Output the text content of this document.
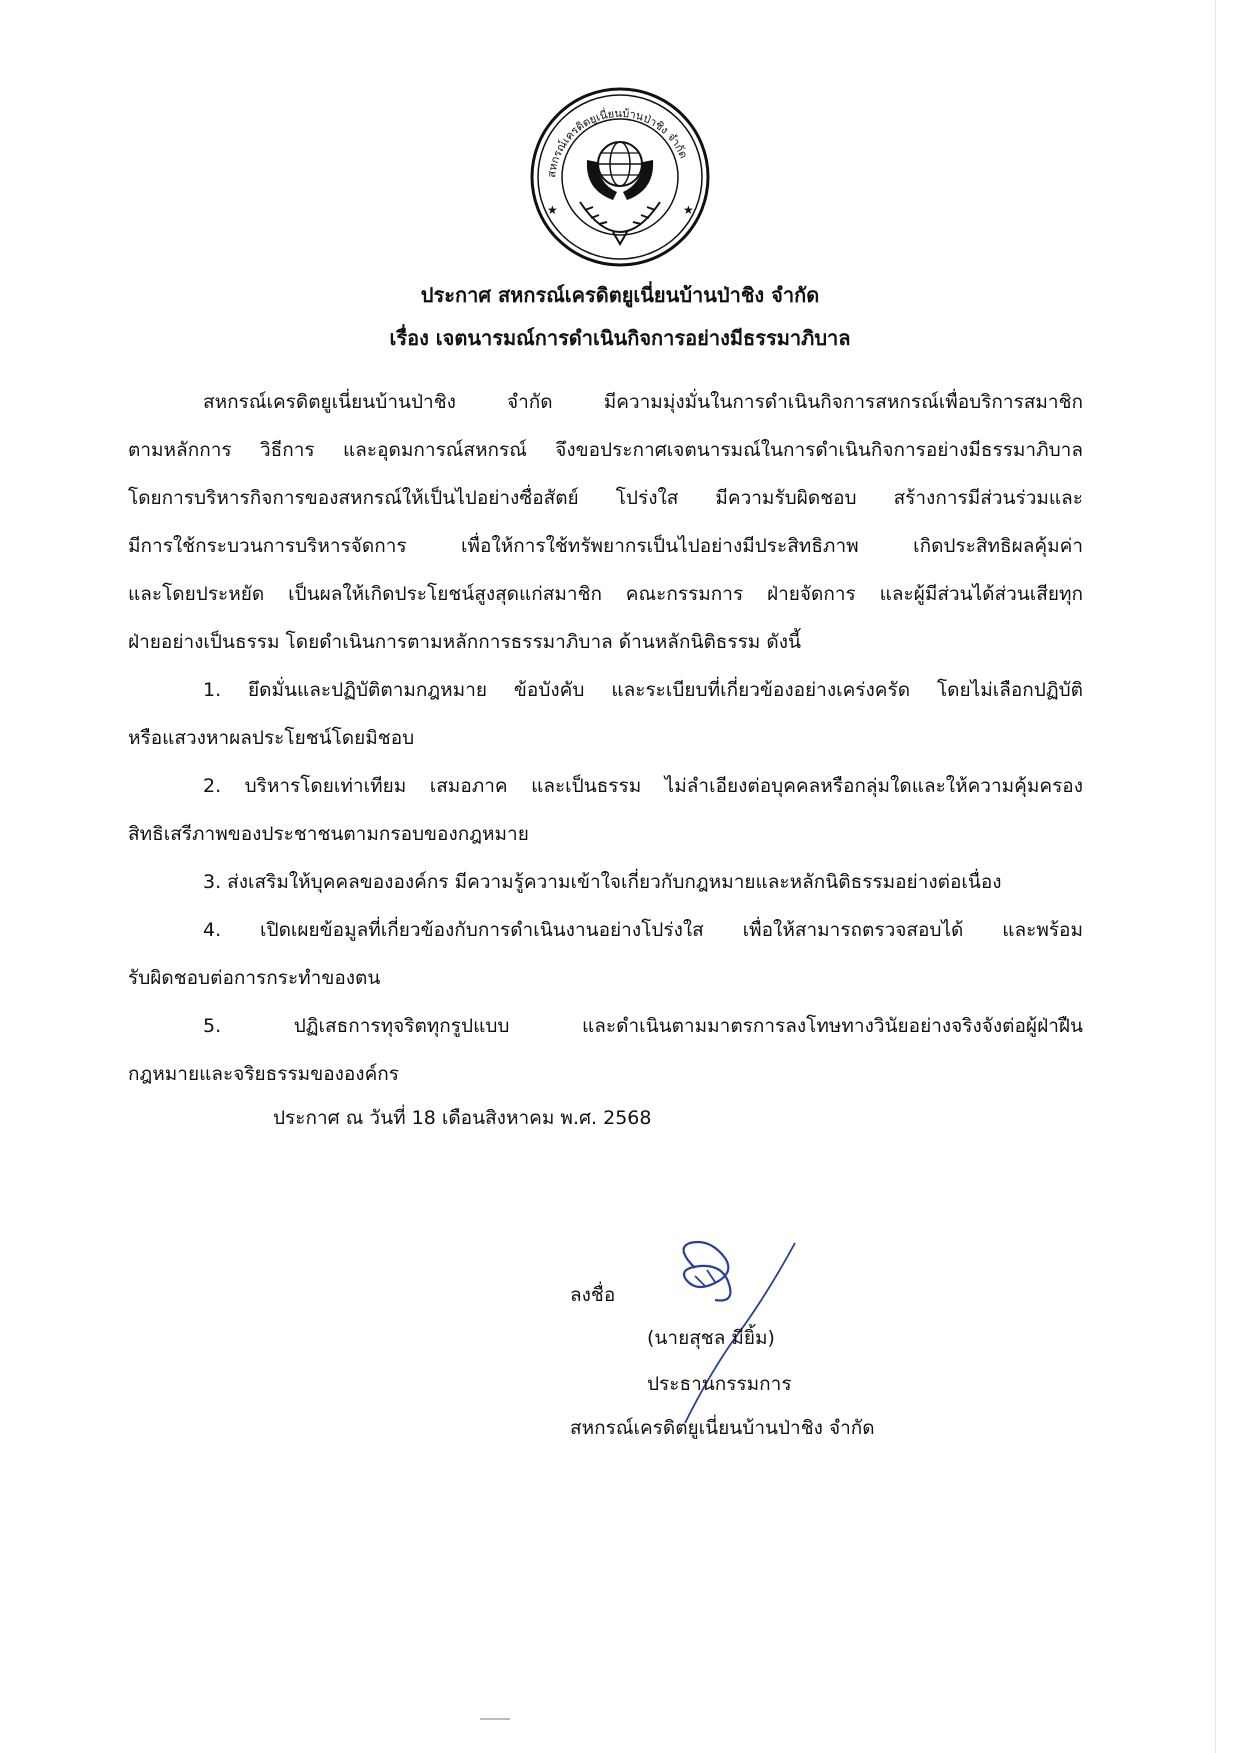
สหกรณ์เครดิตยูเนี่ยนบ้านป่าชิง จำกัด
★	★
ประกาศ สหกรณ์เครดิตยูเนี่ยนบ้านป่าชิง จำกัด
เรื่อง เจตนารมณ์การดำเนินกิจการอย่างมีธรรมาภิบาล
สหกรณ์เครดิตยูเนี่ยนบ้านป่าชิง จำกัด มีความมุ่งมั่นในการดำเนินกิจการสหกรณ์เพื่อบริการสมาชิก
ตามหลักการ วิธีการ และอุดมการณ์สหกรณ์ จึงขอประกาศเจตนารมณ์ในการดำเนินกิจการอย่างมีธรรมาภิบาล
โดยการบริหารกิจการของสหกรณ์ให้เป็นไปอย่างซื่อสัตย์ โปร่งใส มีความรับผิดชอบ สร้างการมีส่วนร่วมและ
มีการใช้กระบวนการบริหารจัดการ เพื่อให้การใช้ทรัพยากรเป็นไปอย่างมีประสิทธิภาพ เกิดประสิทธิผลคุ้มค่า
และโดยประหยัด เป็นผลให้เกิดประโยชน์สูงสุดแก่สมาชิก คณะกรรมการ ฝ่ายจัดการ และผู้มีส่วนได้ส่วนเสียทุก
ฝ่ายอย่างเป็นธรรม โดยดำเนินการตามหลักการธรรมาภิบาล ด้านหลักนิติธรรม ดังนี้
1. ยึดมั่นและปฏิบัติตามกฎหมาย ข้อบังคับ และระเบียบที่เกี่ยวข้องอย่างเคร่งครัด โดยไม่เลือกปฏิบัติ
หรือแสวงหาผลประโยชน์โดยมิชอบ
2. บริหารโดยเท่าเทียม เสมอภาค และเป็นธรรม ไม่ลำเอียงต่อบุคคลหรือกลุ่มใดและให้ความคุ้มครอง
สิทธิเสรีภาพของประชาชนตามกรอบของกฎหมาย
3. ส่งเสริมให้บุคคลขององค์กร มีความรู้ความเข้าใจเกี่ยวกับกฎหมายและหลักนิติธรรมอย่างต่อเนื่อง
4. เปิดเผยข้อมูลที่เกี่ยวข้องกับการดำเนินงานอย่างโปร่งใส เพื่อให้สามารถตรวจสอบได้ และพร้อม
รับผิดชอบต่อการกระทำของตน
5. ปฏิเสธการทุจริตทุกรูปแบบ และดำเนินตามมาตรการลงโทษทางวินัยอย่างจริงจังต่อผู้ฝ่าฝืน
กฎหมายและจริยธรรมขององค์กร
ประกาศ ณ วันที่ 18 เดือนสิงหาคม พ.ศ. 2568
ลงชื่อ
(นายสุชล มียิ้ม)
ประธานกรรมการ
สหกรณ์เครดิตยูเนี่ยนบ้านป่าชิง จำกัด
